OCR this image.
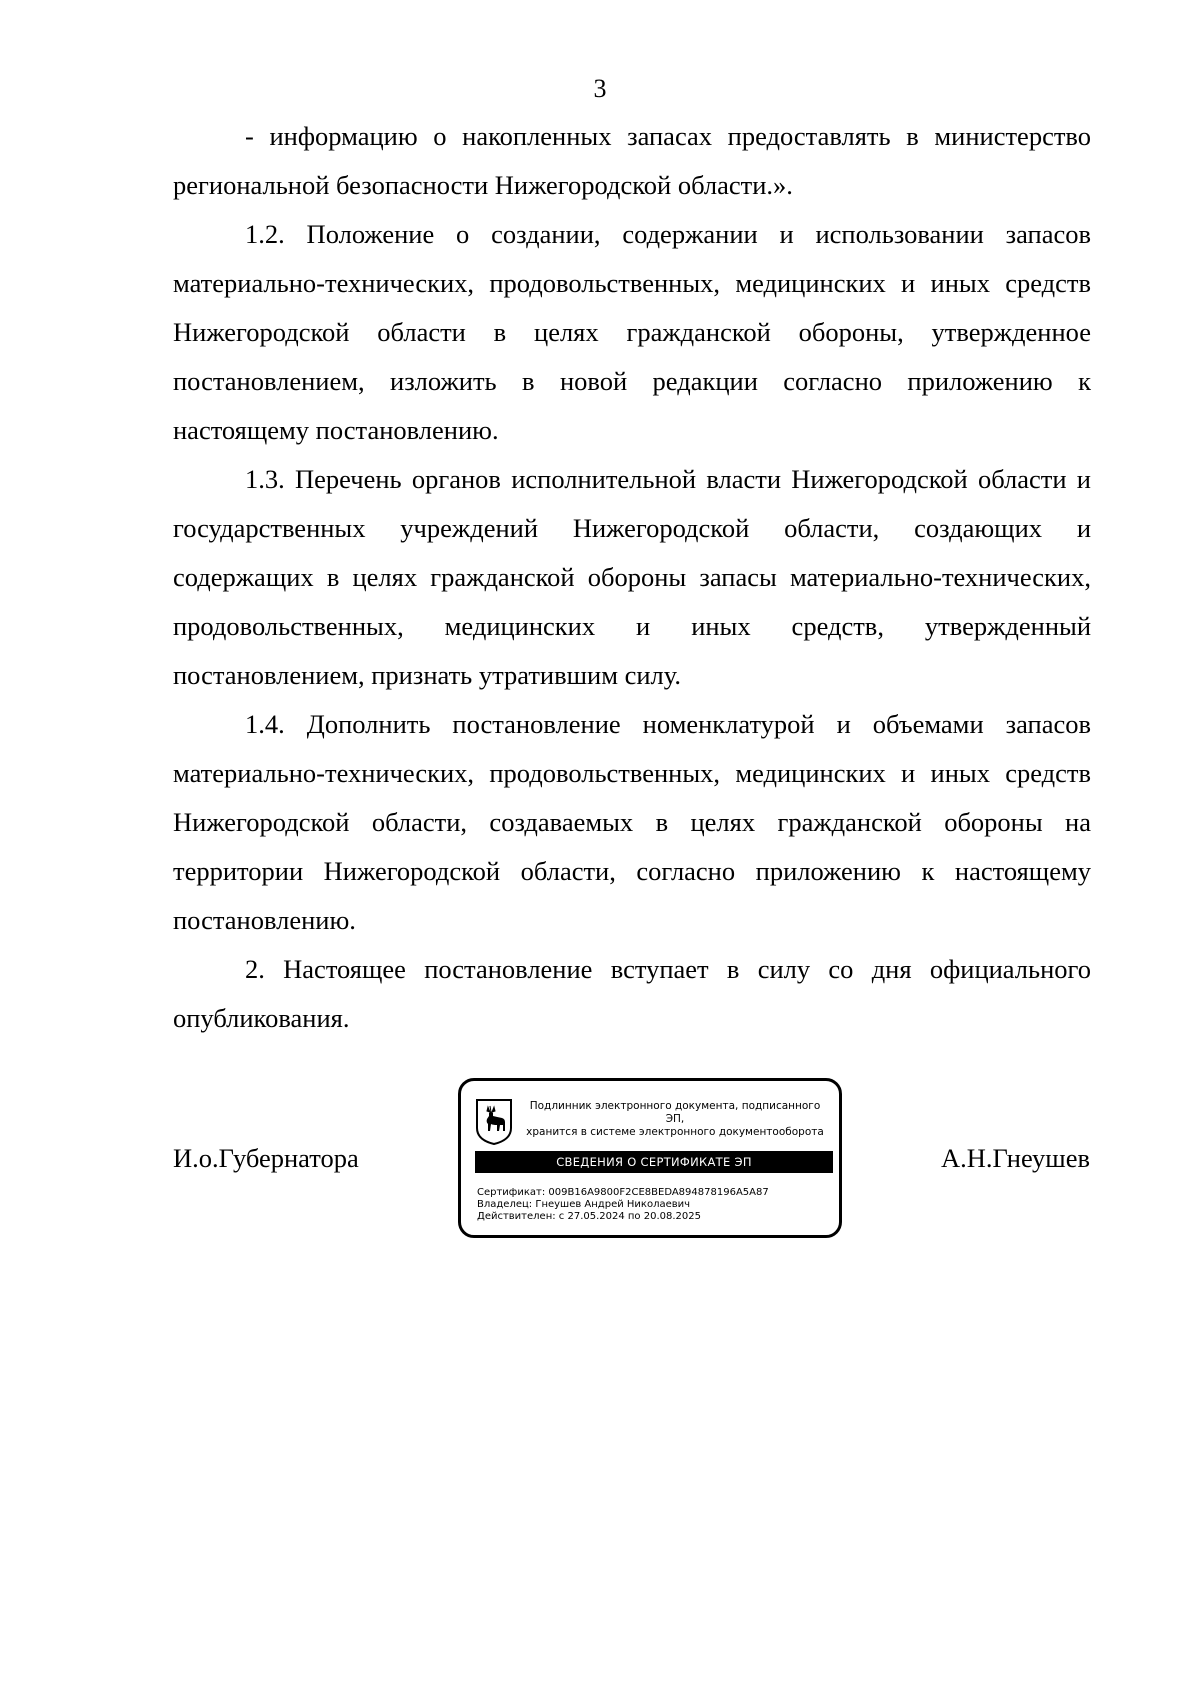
3

- информацию о накопленных запасах предоставлять в министерство региональной безопасности Нижегородской области.».

1.2. Положение о создании, содержании и использовании запасов материально-технических, продовольственных, медицинских и иных средств Нижегородской области в целях гражданской обороны, утвержденное постановлением, изложить в новой редакции согласно приложению к настоящему постановлению.

1.3. Перечень органов исполнительной власти Нижегородской области и государственных учреждений Нижегородской области, создающих и содержащих в целях гражданской обороны запасы материально-технических, продовольственных, медицинских и иных средств, утвержденный постановлением, признать утратившим силу.

1.4. Дополнить постановление номенклатурой и объемами запасов материально-технических, продовольственных, медицинских и иных средств Нижегородской области, создаваемых в целях гражданской обороны на территории Нижегородской области, согласно приложению к настоящему постановлению.

2. Настоящее постановление вступает в силу со дня официального опубликования.

И.о.Губернатора
Подлинник электронного документа, подписанного ЭП,
хранится в системе электронного документооборота
СВЕДЕНИЯ О СЕРТИФИКАТЕ ЭП
Сертификат: 009B16A9800F2CE8BEDA894878196A5A87
Владелец: Гнеушев Андрей Николаевич
Действителен: с 27.05.2024 по 20.08.2025
А.Н.Гнеушев
